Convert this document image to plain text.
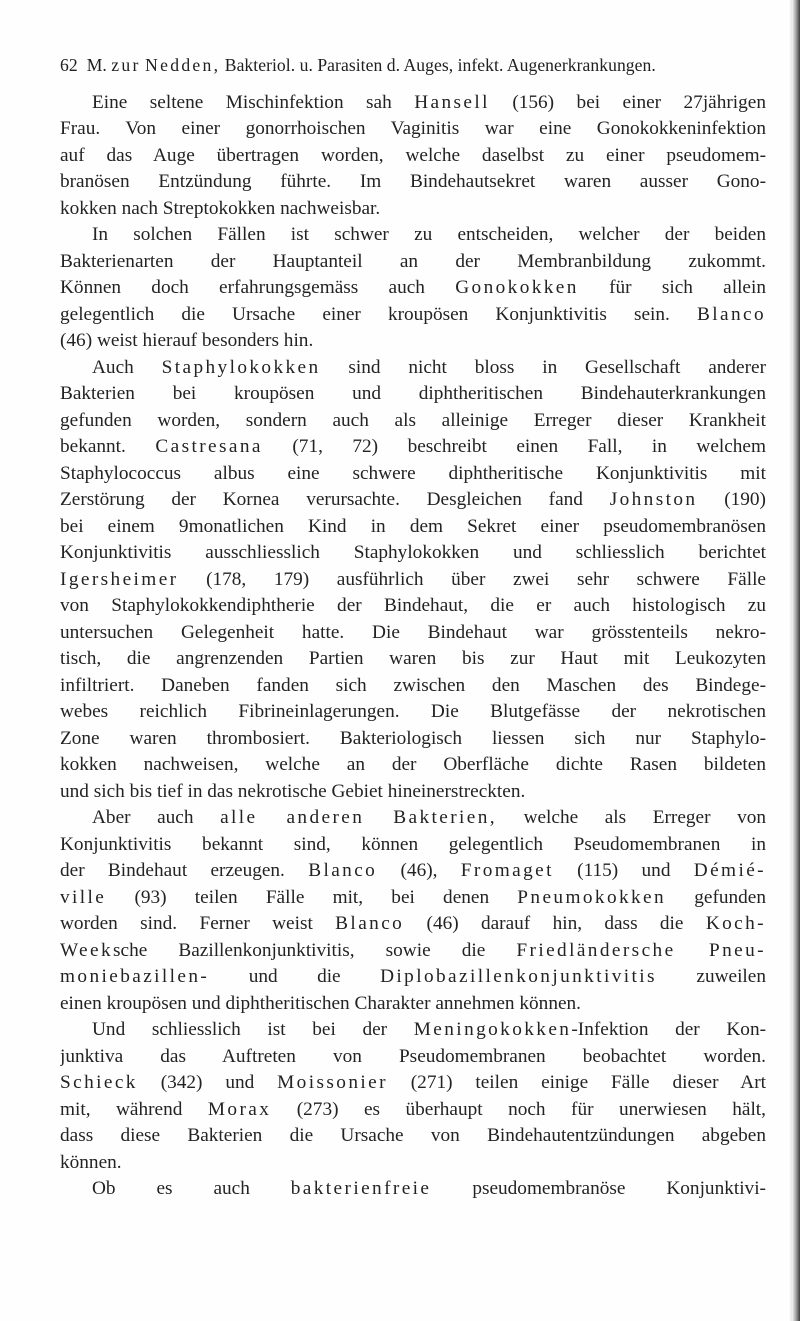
62 M. zur Nedden, Bakteriol. u. Parasiten d. Auges, infekt. Augenerkrankungen.
Eine seltene Mischinfektion sah Hansell (156) bei einer 27jährigen
Frau. Von einer gonorrhoischen Vaginitis war eine Gonokokkeninfektion
auf das Auge übertragen worden, welche daselbst zu einer pseudomem-
branösen Entzündung führte. Im Bindehautsekret waren ausser Gono-
kokken nach Streptokokken nachweisbar.
In solchen Fällen ist schwer zu entscheiden, welcher der beiden
Bakterienarten der Hauptanteil an der Membranbildung zukommt.
Können doch erfahrungsgemäss auch Gonokokken für sich allein
gelegentlich die Ursache einer kroupösen Konjunktivitis sein. Blanco
(46) weist hierauf besonders hin.
Auch Staphylokokken sind nicht bloss in Gesellschaft anderer
Bakterien bei kroupösen und diphtheritischen Bindehauterkrankungen
gefunden worden, sondern auch als alleinige Erreger dieser Krankheit
bekannt. Castresana (71, 72) beschreibt einen Fall, in welchem
Staphylococcus albus eine schwere diphtheritische Konjunktivitis mit
Zerstörung der Kornea verursachte. Desgleichen fand Johnston (190)
bei einem 9monatlichen Kind in dem Sekret einer pseudomembranösen
Konjunktivitis ausschliesslich Staphylokokken und schliesslich berichtet
Igersheimer (178, 179) ausführlich über zwei sehr schwere Fälle
von Staphylokokkendiphtherie der Bindehaut, die er auch histologisch zu
untersuchen Gelegenheit hatte. Die Bindehaut war grösstenteils nekro-
tisch, die angrenzenden Partien waren bis zur Haut mit Leukozyten
infiltriert. Daneben fanden sich zwischen den Maschen des Bindege-
webes reichlich Fibrineinlagerungen. Die Blutgefässe der nekrotischen
Zone waren thrombosiert. Bakteriologisch liessen sich nur Staphylo-
kokken nachweisen, welche an der Oberfläche dichte Rasen bildeten
und sich bis tief in das nekrotische Gebiet hineinerstreckten.
Aber auch alle anderen Bakterien, welche als Erreger von
Konjunktivitis bekannt sind, können gelegentlich Pseudomembranen in
der Bindehaut erzeugen. Blanco (46), Fromaget (115) und Démié-
ville (93) teilen Fälle mit, bei denen Pneumokokken gefunden
worden sind. Ferner weist Blanco (46) darauf hin, dass die Koch-
Weeksche Bazillenkonjunktivitis, sowie die Friedländersche Pneu-
moniebazillen- und die Diplobazillenkonjunktivitis zuweilen
einen kroupösen und diphtheritischen Charakter annehmen können.
Und schliesslich ist bei der Meningokokken-Infektion der Kon-
junktiva das Auftreten von Pseudomembranen beobachtet worden.
Schieck (342) und Moissonier (271) teilen einige Fälle dieser Art
mit, während Morax (273) es überhaupt noch für unerwiesen hält,
dass diese Bakterien die Ursache von Bindehautentzündungen abgeben
können.
Ob es auch bakterienfreie pseudomembranöse Konjunktivi-
